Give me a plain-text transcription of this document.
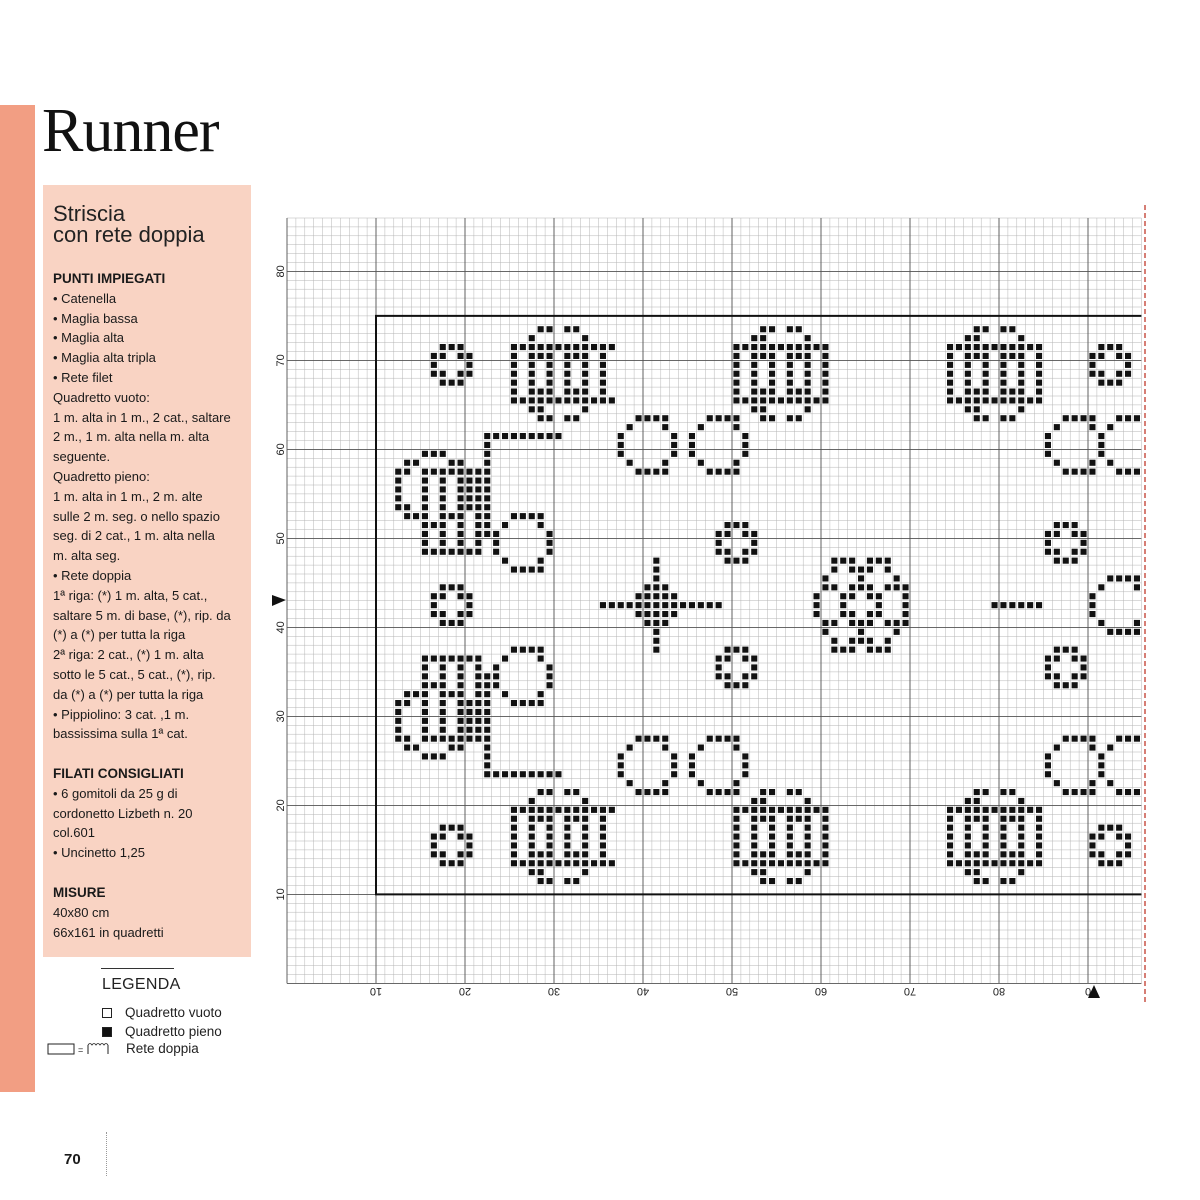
Runner
Striscia
con rete doppia
PUNTI IMPIEGATI
• Catenella
• Maglia bassa
• Maglia alta
• Maglia alta tripla
• Rete filet
Quadretto vuoto:
1 m. alta in 1 m., 2 cat., saltare
2 m., 1 m. alta nella m. alta
seguente.
Quadretto pieno:
1 m. alta in 1 m., 2 m. alte
sulle 2 m. seg. o nello spazio
seg. di 2 cat., 1 m. alta nella
m. alta seg.
• Rete doppia
1ª riga: (*) 1 m. alta, 5 cat.,
saltare 5 m. di base, (*), rip. da
(*) a (*) per tutta la riga
2ª riga: 2 cat., (*) 1 m. alta
sotto le 5 cat., 5 cat., (*), rip.
da (*) a (*) per tutta la riga
• Pippiolino: 3 cat. ,1 m.
bassissima sulla 1ª cat.
FILATI CONSIGLIATI
• 6 gomitoli da 25 g di
cordonetto Lizbeth n. 20
col.601
• Uncinetto 1,25
MISURE
40x80 cm
66x161 in quadretti
LEGENDA
Quadretto vuoto
Quadretto pieno
=	Rete doppia
80
70
60
50
40
30
20
10
10	20	30	40	50	60	70	80	0
70
